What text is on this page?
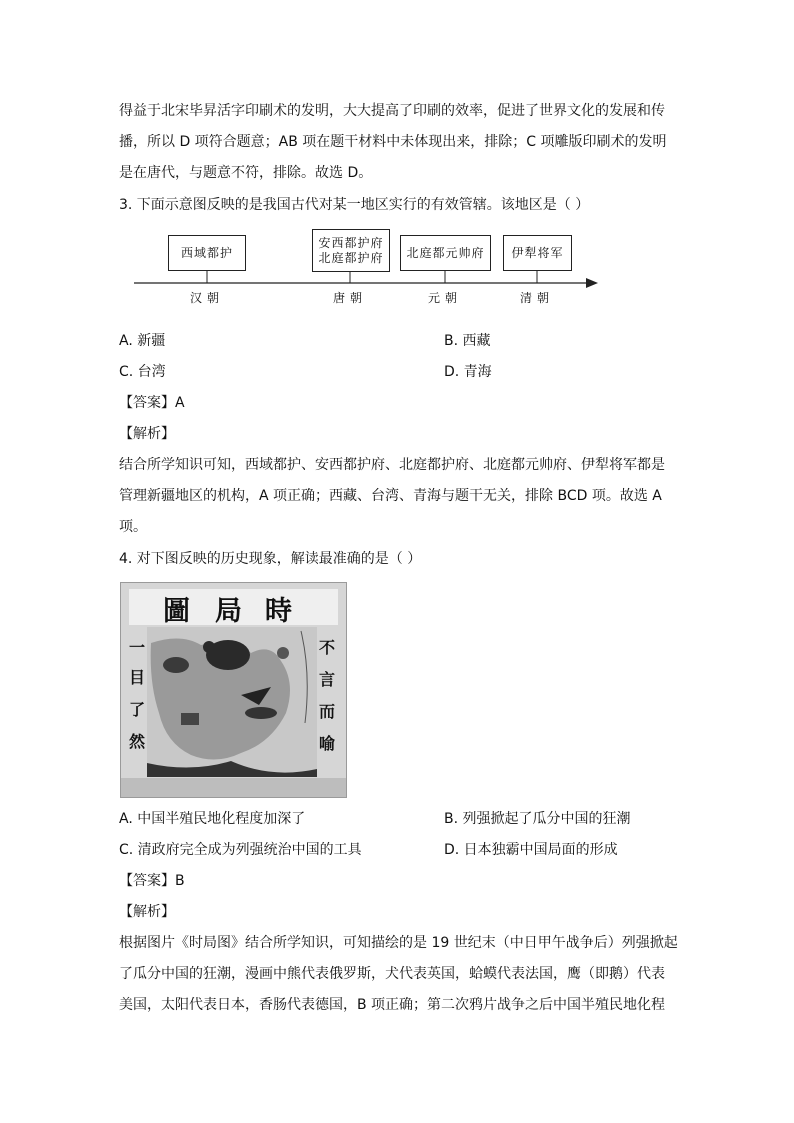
得益于北宋毕昇活字印刷术的发明，大大提高了印刷的效率，促进了世界文化的发展和传
播，所以 D 项符合题意；AB 项在题干材料中未体现出来，排除；C 项雕版印刷术的发明
是在唐代，与题意不符，排除。故选 D。
3. 下面示意图反映的是我国古代对某一地区实行的有效管辖。该地区是（ ）
西域都护
安西都护府
北庭都护府 北庭都元帅府 伊犁将军
汉朝	唐朝	元朝	清朝
A. 新疆	B. 西藏
C. 台湾	D. 青海
【答案】A
【解析】
结合所学知识可知，西域都护、安西都护府、北庭都护府、北庭都元帅府、伊犁将军都是
管理新疆地区的机构，A 项正确；西藏、台湾、青海与题干无关，排除 BCD 项。故选 A
项。
4. 对下图反映的历史现象，解读最准确的是（ ）
圖 局 時
一
目
了
然
不
言
而
喻
A. 中国半殖民地化程度加深了	B. 列强掀起了瓜分中国的狂潮
C. 清政府完全成为列强统治中国的工具	D. 日本独霸中国局面的形成
【答案】B
【解析】
根据图片《时局图》结合所学知识，可知描绘的是 19 世纪末（中日甲午战争后）列强掀起
了瓜分中国的狂潮，漫画中熊代表俄罗斯，犬代表英国，蛤蟆代表法国，鹰（即鹅）代表
美国，太阳代表日本，香肠代表德国，B 项正确；第二次鸦片战争之后中国半殖民地化程
